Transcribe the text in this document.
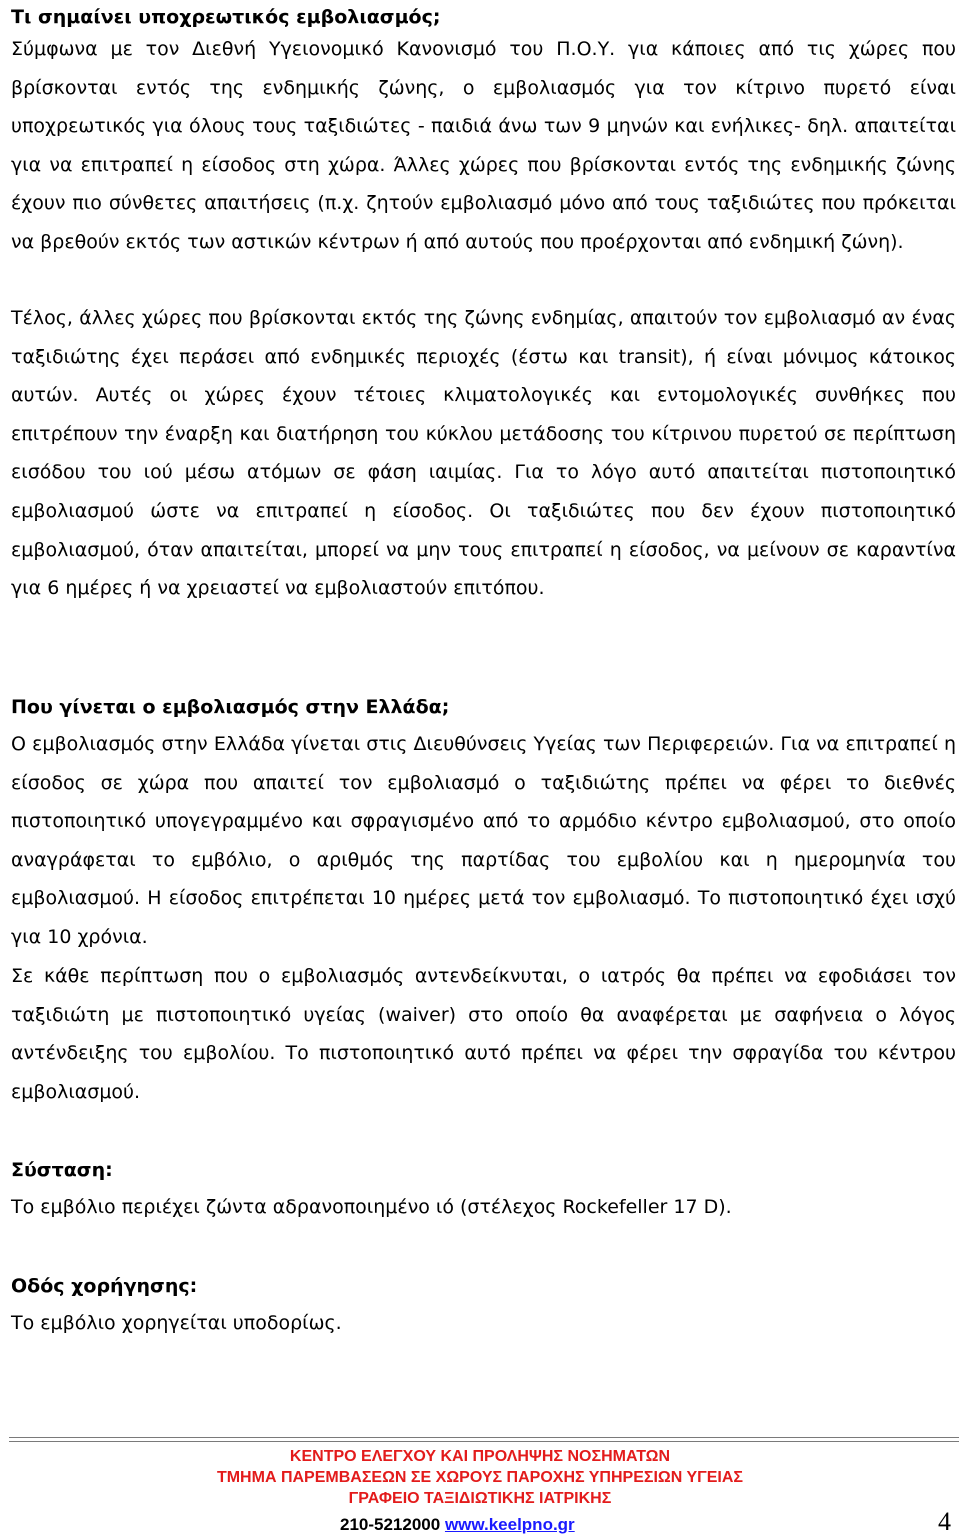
Τι σημαίνει υποχρεωτικός εμβολιασμός;

Σύμφωνα με τον Διεθνή Υγειονομικό Κανονισμό του Π.Ο.Υ. για κάποιες από τις χώρες που βρίσκονται εντός της ενδημικής ζώνης, ο εμβολιασμός για τον κίτρινο πυρετό είναι υποχρεωτικός για όλους τους ταξιδιώτες - παιδιά άνω των 9 μηνών και ενήλικες- δηλ. απαιτείται για να επιτραπεί η είσοδος στη χώρα. Άλλες χώρες που βρίσκονται εντός της ενδημικής ζώνης έχουν πιο σύνθετες απαιτήσεις (π.χ. ζητούν εμβολιασμό μόνο από τους ταξιδιώτες που πρόκειται να βρεθούν εκτός των αστικών κέντρων ή από αυτούς που προέρχονται από ενδημική ζώνη).

Τέλος, άλλες χώρες που βρίσκονται εκτός της ζώνης ενδημίας, απαιτούν τον εμβολιασμό αν ένας ταξιδιώτης έχει περάσει από ενδημικές περιοχές (έστω και transit), ή είναι μόνιμος κάτοικος αυτών. Αυτές οι χώρες έχουν τέτοιες κλιματολογικές και εντομολογικές συνθήκες που επιτρέπουν την έναρξη και διατήρηση του κύκλου μετάδοσης του κίτρινου πυρετού σε περίπτωση εισόδου του ιού μέσω ατόμων σε φάση ιαιμίας. Για το λόγο αυτό απαιτείται πιστοποιητικό εμβολιασμού ώστε να επιτραπεί η είσοδος. Οι ταξιδιώτες που δεν έχουν πιστοποιητικό εμβολιασμού, όταν απαιτείται, μπορεί να μην τους επιτραπεί η είσοδος, να μείνουν σε καραντίνα για 6 ημέρες ή να χρειαστεί να εμβολιαστούν επιτόπου.

Που γίνεται ο εμβολιασμός στην Ελλάδα;

Ο εμβολιασμός στην Ελλάδα γίνεται στις Διευθύνσεις Υγείας των Περιφερειών. Για να επιτραπεί η είσοδος σε χώρα που απαιτεί τον εμβολιασμό ο ταξιδιώτης πρέπει να φέρει το διεθνές πιστοποιητικό υπογεγραμμένο και σφραγισμένο από το αρμόδιο κέντρο εμβολιασμού, στο οποίο αναγράφεται το εμβόλιο, ο αριθμός της παρτίδας του εμβολίου και η ημερομηνία του εμβολιασμού. Η είσοδος επιτρέπεται 10 ημέρες μετά τον εμβολιασμό. Το πιστοποιητικό έχει ισχύ για 10 χρόνια.

Σε κάθε περίπτωση που ο εμβολιασμός αντενδείκνυται, ο ιατρός θα πρέπει να εφοδιάσει τον ταξιδιώτη με πιστοποιητικό υγείας (waiver) στο οποίο θα αναφέρεται με σαφήνεια ο λόγος αντένδειξης του εμβολίου. Το πιστοποιητικό αυτό πρέπει να φέρει την σφραγίδα του κέντρου εμβολιασμού.

Σύσταση:

Το εμβόλιο περιέχει ζώντα αδρανοποιημένο ιό (στέλεχος Rockefeller 17 D).

Οδός χορήγησης:

Το εμβόλιο χορηγείται υποδορίως.

ΚΕΝΤΡΟ ΕΛΕΓΧΟΥ ΚΑΙ ΠΡΟΛΗΨΗΣ ΝΟΣΗΜΑΤΩΝ
ΤΜΗΜΑ ΠΑΡΕΜΒΑΣΕΩΝ ΣΕ ΧΩΡΟΥΣ ΠΑΡΟΧΗΣ ΥΠΗΡΕΣΙΩΝ ΥΓΕΙΑΣ
ΓΡΑΦΕΙΟ ΤΑΞΙΔΙΩΤΙΚΗΣ ΙΑΤΡΙΚΗΣ
210-5212000 www.keelpno.gr	4
